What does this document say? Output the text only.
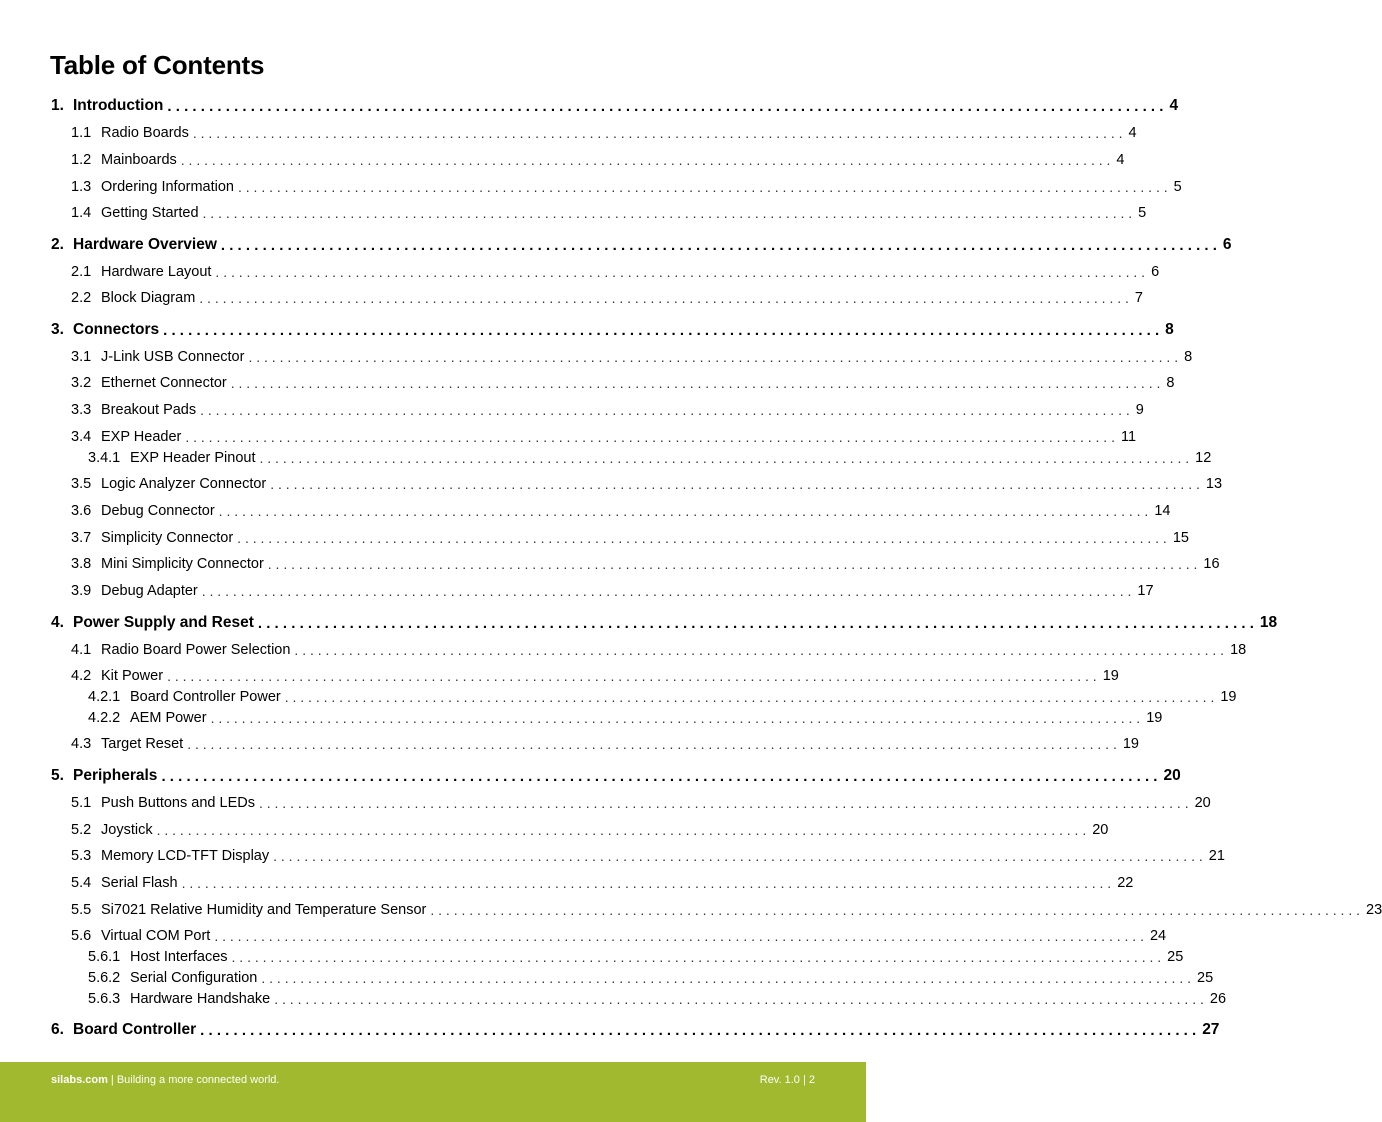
Table of Contents
1. Introduction . . . . . . . . . . . . . . . . . . . . . . . . . . . . . . . . . . . . . . . . . . . . . . . . . . . . . . . . . . . . . . . . . . . . . . . . . . . . . . . . . . . . . . . . . . . . . . . . . . . . . . . . . . . . . . . . . . . . . . . . 4
1.1 Radio Boards . . . . . . . . . . . . . . . . . . . . . . . . . . . . . . . . . . . . . . . . . . . . . . . . . . . . . . . . . . . . . . . . . . . . . . . . . . . . . . . . . . . . . . . . . . . . . . . . . . . . . . . . . . . . . . . . . . . . . . . . 4
1.2 Mainboards . . . . . . . . . . . . . . . . . . . . . . . . . . . . . . . . . . . . . . . . . . . . . . . . . . . . . . . . . . . . . . . . . . . . . . . . . . . . . . . . . . . . . . . . . . . . . . . . . . . . . . . . . . . . . . . . . . . . . . . . 4
1.3 Ordering Information . . . . . . . . . . . . . . . . . . . . . . . . . . . . . . . . . . . . . . . . . . . . . . . . . . . . . . . . . . . . . . . . . . . . . . . . . . . . . . . . . . . . . . . . . . . . . . . . . . . . . . . . . . . . . . . . . . . . . . . . 5
1.4 Getting Started . . . . . . . . . . . . . . . . . . . . . . . . . . . . . . . . . . . . . . . . . . . . . . . . . . . . . . . . . . . . . . . . . . . . . . . . . . . . . . . . . . . . . . . . . . . . . . . . . . . . . . . . . . . . . . . . . . . . . . . . 5
2. Hardware Overview . . . . . . . . . . . . . . . . . . . . . . . . . . . . . . . . . . . . . . . . . . . . . . . . . . . . . . . . . . . . . . . . . . . . . . . . . . . . . . . . . . . . . . . . . . . . . . . . . . . . . . . . . . . . . . . . . . . . . . . . 6
2.1 Hardware Layout . . . . . . . . . . . . . . . . . . . . . . . . . . . . . . . . . . . . . . . . . . . . . . . . . . . . . . . . . . . . . . . . . . . . . . . . . . . . . . . . . . . . . . . . . . . . . . . . . . . . . . . . . . . . . . . . . . . . . . . . 6
2.2 Block Diagram . . . . . . . . . . . . . . . . . . . . . . . . . . . . . . . . . . . . . . . . . . . . . . . . . . . . . . . . . . . . . . . . . . . . . . . . . . . . . . . . . . . . . . . . . . . . . . . . . . . . . . . . . . . . . . . . . . . . . . . . 7
3. Connectors . . . . . . . . . . . . . . . . . . . . . . . . . . . . . . . . . . . . . . . . . . . . . . . . . . . . . . . . . . . . . . . . . . . . . . . . . . . . . . . . . . . . . . . . . . . . . . . . . . . . . . . . . . . . . . . . . . . . . . . . 8
3.1 J-Link USB Connector . . . . . . . . . . . . . . . . . . . . . . . . . . . . . . . . . . . . . . . . . . . . . . . . . . . . . . . . . . . . . . . . . . . . . . . . . . . . . . . . . . . . . . . . . . . . . . . . . . . . . . . . . . . . . . . . . . . . . . . . 8
3.2 Ethernet Connector . . . . . . . . . . . . . . . . . . . . . . . . . . . . . . . . . . . . . . . . . . . . . . . . . . . . . . . . . . . . . . . . . . . . . . . . . . . . . . . . . . . . . . . . . . . . . . . . . . . . . . . . . . . . . . . . . . . . . . . . 8
3.3 Breakout Pads . . . . . . . . . . . . . . . . . . . . . . . . . . . . . . . . . . . . . . . . . . . . . . . . . . . . . . . . . . . . . . . . . . . . . . . . . . . . . . . . . . . . . . . . . . . . . . . . . . . . . . . . . . . . . . . . . . . . . . . . 9
3.4 EXP Header . . . . . . . . . . . . . . . . . . . . . . . . . . . . . . . . . . . . . . . . . . . . . . . . . . . . . . . . . . . . . . . . . . . . . . . . . . . . . . . . . . . . . . . . . . . . . . . . . . . . . . . . . . . . . . . . . . . . . . . . 11
3.4.1 EXP Header Pinout . . . . . . . . . . . . . . . . . . . . . . . . . . . . . . . . . . . . . . . . . . . . . . . . . . . . . . . . . . . . . . . . . . . . . . . . . . . . . . . . . . . . . . . . . . . . . . . . . . . . . . . . . . . . . . . . . . . . . . . . 12
3.5 Logic Analyzer Connector . . . . . . . . . . . . . . . . . . . . . . . . . . . . . . . . . . . . . . . . . . . . . . . . . . . . . . . . . . . . . . . . . . . . . . . . . . . . . . . . . . . . . . . . . . . . . . . . . . . . . . . . . . . . . . . . . . . . . . . . 13
3.6 Debug Connector . . . . . . . . . . . . . . . . . . . . . . . . . . . . . . . . . . . . . . . . . . . . . . . . . . . . . . . . . . . . . . . . . . . . . . . . . . . . . . . . . . . . . . . . . . . . . . . . . . . . . . . . . . . . . . . . . . . . . . . . 14
3.7 Simplicity Connector . . . . . . . . . . . . . . . . . . . . . . . . . . . . . . . . . . . . . . . . . . . . . . . . . . . . . . . . . . . . . . . . . . . . . . . . . . . . . . . . . . . . . . . . . . . . . . . . . . . . . . . . . . . . . . . . . . . . . . . . 15
3.8 Mini Simplicity Connector . . . . . . . . . . . . . . . . . . . . . . . . . . . . . . . . . . . . . . . . . . . . . . . . . . . . . . . . . . . . . . . . . . . . . . . . . . . . . . . . . . . . . . . . . . . . . . . . . . . . . . . . . . . . . . . . . . . . . . . . 16
3.9 Debug Adapter . . . . . . . . . . . . . . . . . . . . . . . . . . . . . . . . . . . . . . . . . . . . . . . . . . . . . . . . . . . . . . . . . . . . . . . . . . . . . . . . . . . . . . . . . . . . . . . . . . . . . . . . . . . . . . . . . . . . . . . . 17
4. Power Supply and Reset . . . . . . . . . . . . . . . . . . . . . . . . . . . . . . . . . . . . . . . . . . . . . . . . . . . . . . . . . . . . . . . . . . . . . . . . . . . . . . . . . . . . . . . . . . . . . . . . . . . . . . . . . . . . . . . . . . . . . . . . 18
4.1 Radio Board Power Selection . . . . . . . . . . . . . . . . . . . . . . . . . . . . . . . . . . . . . . . . . . . . . . . . . . . . . . . . . . . . . . . . . . . . . . . . . . . . . . . . . . . . . . . . . . . . . . . . . . . . . . . . . . . . . . . . . . . . . . . . 18
4.2 Kit Power . . . . . . . . . . . . . . . . . . . . . . . . . . . . . . . . . . . . . . . . . . . . . . . . . . . . . . . . . . . . . . . . . . . . . . . . . . . . . . . . . . . . . . . . . . . . . . . . . . . . . . . . . . . . . . . . . . . . . . . . 19
4.2.1 Board Controller Power . . . . . . . . . . . . . . . . . . . . . . . . . . . . . . . . . . . . . . . . . . . . . . . . . . . . . . . . . . . . . . . . . . . . . . . . . . . . . . . . . . . . . . . . . . . . . . . . . . . . . . . . . . . . . . . . . . . . . . . . 19
4.2.2 AEM Power . . . . . . . . . . . . . . . . . . . . . . . . . . . . . . . . . . . . . . . . . . . . . . . . . . . . . . . . . . . . . . . . . . . . . . . . . . . . . . . . . . . . . . . . . . . . . . . . . . . . . . . . . . . . . . . . . . . . . . . . 19
4.3 Target Reset . . . . . . . . . . . . . . . . . . . . . . . . . . . . . . . . . . . . . . . . . . . . . . . . . . . . . . . . . . . . . . . . . . . . . . . . . . . . . . . . . . . . . . . . . . . . . . . . . . . . . . . . . . . . . . . . . . . . . . . . 19
5. Peripherals . . . . . . . . . . . . . . . . . . . . . . . . . . . . . . . . . . . . . . . . . . . . . . . . . . . . . . . . . . . . . . . . . . . . . . . . . . . . . . . . . . . . . . . . . . . . . . . . . . . . . . . . . . . . . . . . . . . . . . . . 20
5.1 Push Buttons and LEDs . . . . . . . . . . . . . . . . . . . . . . . . . . . . . . . . . . . . . . . . . . . . . . . . . . . . . . . . . . . . . . . . . . . . . . . . . . . . . . . . . . . . . . . . . . . . . . . . . . . . . . . . . . . . . . . . . . . . . . . . 20
5.2 Joystick . . . . . . . . . . . . . . . . . . . . . . . . . . . . . . . . . . . . . . . . . . . . . . . . . . . . . . . . . . . . . . . . . . . . . . . . . . . . . . . . . . . . . . . . . . . . . . . . . . . . . . . . . . . . . . . . . . . . . . . . 20
5.3 Memory LCD-TFT Display . . . . . . . . . . . . . . . . . . . . . . . . . . . . . . . . . . . . . . . . . . . . . . . . . . . . . . . . . . . . . . . . . . . . . . . . . . . . . . . . . . . . . . . . . . . . . . . . . . . . . . . . . . . . . . . . . . . . . . . . 21
5.4 Serial Flash . . . . . . . . . . . . . . . . . . . . . . . . . . . . . . . . . . . . . . . . . . . . . . . . . . . . . . . . . . . . . . . . . . . . . . . . . . . . . . . . . . . . . . . . . . . . . . . . . . . . . . . . . . . . . . . . . . . . . . . . 22
5.5 Si7021 Relative Humidity and Temperature Sensor . . . . . . . . . . . . . . . . . . . . . . . . . . . . . . . . . . . . . . . . . . . . . . . . . . . . . . . . . . . . . . . . . . . . . . . . . . . . . . . . . . . . . . . . . . . . . . . . . . . . . . . . . . . . . . . . . . . . . . . . 23
5.6 Virtual COM Port . . . . . . . . . . . . . . . . . . . . . . . . . . . . . . . . . . . . . . . . . . . . . . . . . . . . . . . . . . . . . . . . . . . . . . . . . . . . . . . . . . . . . . . . . . . . . . . . . . . . . . . . . . . . . . . . . . . . . . . . 24
5.6.1 Host Interfaces . . . . . . . . . . . . . . . . . . . . . . . . . . . . . . . . . . . . . . . . . . . . . . . . . . . . . . . . . . . . . . . . . . . . . . . . . . . . . . . . . . . . . . . . . . . . . . . . . . . . . . . . . . . . . . . . . . . . . . . . 25
5.6.2 Serial Configuration . . . . . . . . . . . . . . . . . . . . . . . . . . . . . . . . . . . . . . . . . . . . . . . . . . . . . . . . . . . . . . . . . . . . . . . . . . . . . . . . . . . . . . . . . . . . . . . . . . . . . . . . . . . . . . . . . . . . . . . . 25
5.6.3 Hardware Handshake . . . . . . . . . . . . . . . . . . . . . . . . . . . . . . . . . . . . . . . . . . . . . . . . . . . . . . . . . . . . . . . . . . . . . . . . . . . . . . . . . . . . . . . . . . . . . . . . . . . . . . . . . . . . . . . . . . . . . . . . 26
6. Board Controller . . . . . . . . . . . . . . . . . . . . . . . . . . . . . . . . . . . . . . . . . . . . . . . . . . . . . . . . . . . . . . . . . . . . . . . . . . . . . . . . . . . . . . . . . . . . . . . . . . . . . . . . . . . . . . . . . . . . . . . . 27
silabs.com | Building a more connected world.	Rev. 1.0 | 2
